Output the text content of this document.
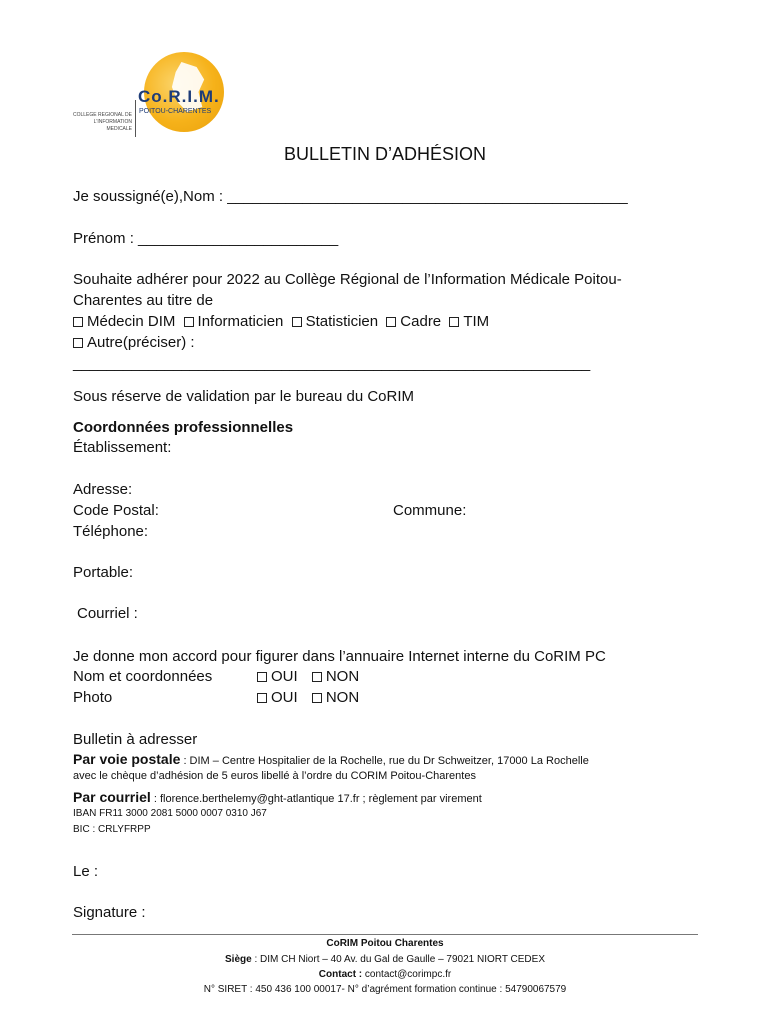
Co.R.I.M.
POITOU-CHARENTES
COLLEGE REGIONAL DE L'INFORMATION MEDICALE
BULLETIN D’ADHÉSION
Je soussigné(e),Nom : ________________________________________________
Prénom : ________________________
Souhaite adhérer pour 2022 au Collège Régional de l’Information Médicale Poitou-
Charentes au titre de
Médecin DIM Informaticien Statisticien Cadre TIM
Autre(préciser) :
______________________________________________________________
Sous réserve de validation par le bureau du CoRIM
Coordonnées professionnelles
Établissement:
Adresse:
Code Postal:	Commune:
Téléphone:
Portable:
Courriel :
Je donne mon accord pour figurer dans l’annuaire Internet interne du CoRIM PC
Nom et coordonnées	OUI NON
Photo	OUI NON
Bulletin à adresser
Par voie postale : DIM – Centre Hospitalier de la Rochelle, rue du Dr Schweitzer, 17000 La Rochelle
avec le chèque d’adhésion de 5 euros libellé à l’ordre du CORIM Poitou-Charentes
Par courriel : florence.berthelemy@ght-atlantique 17.fr ; règlement par virement
IBAN FR11 3000 2081 5000 0007 0310 J67
BIC : CRLYFRPP
Le :
Signature :
CoRIM Poitou Charentes
Siège : DIM CH Niort – 40 Av. du Gal de Gaulle – 79021 NIORT CEDEX
Contact : contact@corimpc.fr
N° SIRET : 450 436 100 00017- N° d’agrément formation continue : 54790067579
